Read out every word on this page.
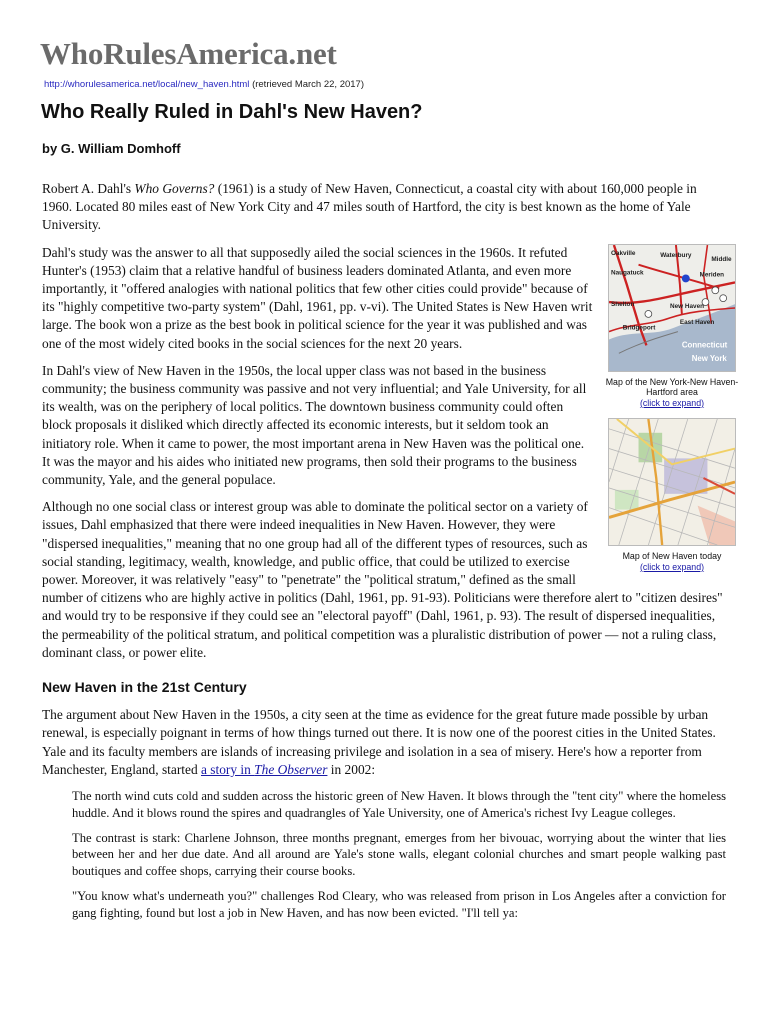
WhoRulesAmerica.net
http://whorulesamerica.net/local/new_haven.html (retrieved March 22, 2017)
Who Really Ruled in Dahl's New Haven?
by G. William Domhoff

Robert A. Dahl's Who Governs? (1961) is a study of New Haven, Connecticut, a coastal city with about 160,000 people in 1960. Located 80 miles east of New York City and 47 miles south of Hartford, the city is best known as the home of Yale University.

Oakville	Waterbury
Middle
Naugatuck	Meriden
Shelton	New Haven
Bridgeport
East Haven
Connecticut
New York
Map of the New York-New Haven-Hartford area
(click to expand)
Map of New Haven today
(click to expand)

Dahl's study was the answer to all that supposedly ailed the social sciences in the 1960s. It refuted Hunter's (1953) claim that a relative handful of business leaders dominated Atlanta, and even more importantly, it "offered analogies with national politics that few other cities could provide" because of its "highly competitive two-party system" (Dahl, 1961, pp. v-vi). The United States is New Haven writ large. The book won a prize as the best book in political science for the year it was published and was one of the most widely cited books in the social sciences for the next 20 years.

In Dahl's view of New Haven in the 1950s, the local upper class was not based in the business community; the business community was passive and not very influential; and Yale University, for all its wealth, was on the periphery of local politics. The downtown business community could often block proposals it disliked which directly affected its economic interests, but it seldom took an initiatory role. When it came to power, the most important arena in New Haven was the political one. It was the mayor and his aides who initiated new programs, then sold their programs to the business community, Yale, and the general populace.

Although no one social class or interest group was able to dominate the political sector on a variety of issues, Dahl emphasized that there were indeed inequalities in New Haven. However, they were "dispersed inequalities," meaning that no one group had all of the different types of resources, such as social standing, legitimacy, wealth, knowledge, and public office, that could be utilized to exercise power. Moreover, it was relatively "easy" to "penetrate" the "political stratum," defined as the small number of citizens who are highly active in politics (Dahl, 1961, pp. 91-93). Politicians were therefore alert to "citizen desires" and would try to be responsive if they could see an "electoral payoff" (Dahl, 1961, p. 93). The result of dispersed inequalities, the permeability of the political stratum, and political competition was a pluralistic distribution of power — not a ruling class, dominant class, or power elite.

New Haven in the 21st Century

The argument about New Haven in the 1950s, a city seen at the time as evidence for the great future made possible by urban renewal, is especially poignant in terms of how things turned out there. It is now one of the poorest cities in the United States. Yale and its faculty members are islands of increasing privilege and isolation in a sea of misery. Here's how a reporter from Manchester, England, started a story in The Observer in 2002:

The north wind cuts cold and sudden across the historic green of New Haven. It blows through the "tent city" where the homeless huddle. And it blows round the spires and quadrangles of Yale University, one of America's richest Ivy League colleges.

The contrast is stark: Charlene Johnson, three months pregnant, emerges from her bivouac, worrying about the winter that lies between her and her due date. And all around are Yale's stone walls, elegant colonial churches and smart people walking past boutiques and coffee shops, carrying their course books.

"You know what's underneath you?" challenges Rod Cleary, who was released from prison in Los Angeles after a conviction for gang fighting, found but lost a job in New Haven, and has now been evicted. "I'll tell ya:
